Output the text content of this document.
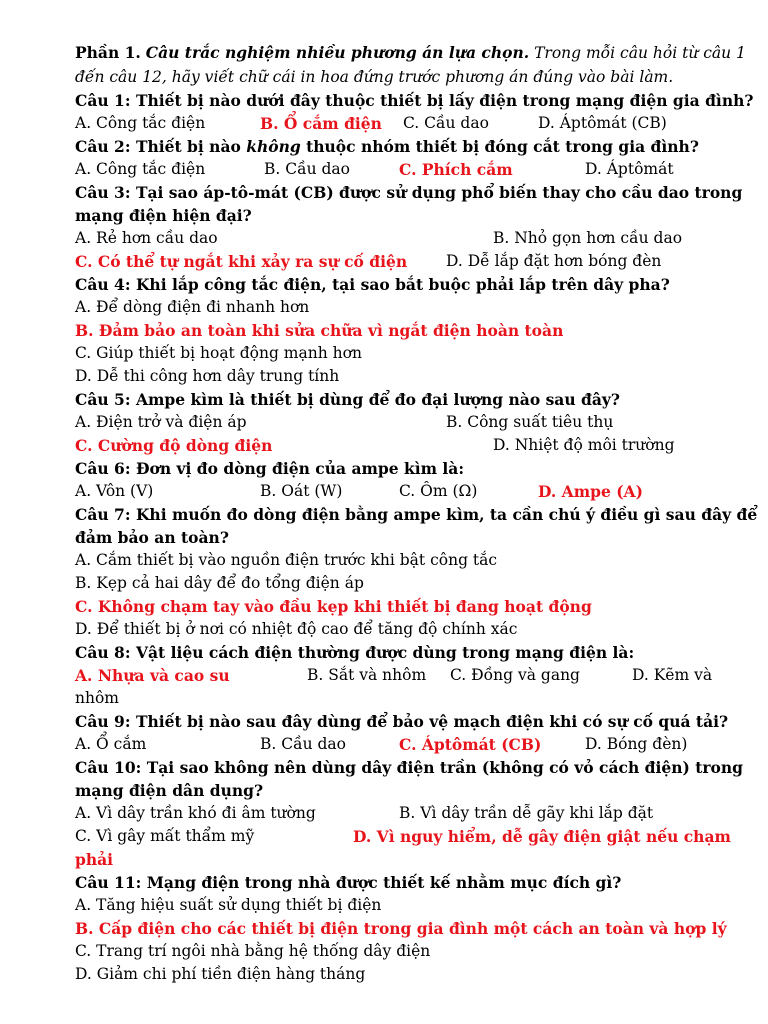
Phần 1. Câu trắc nghiệm nhiều phương án lựa chọn. Trong mỗi câu hỏi từ câu 1
đến câu 12, hãy viết chữ cái in hoa đứng trước phương án đúng vào bài làm.
Câu 1: Thiết bị nào dưới đây thuộc thiết bị lấy điện trong mạng điện gia đình?
A. Công tắc điện	B. Ổ cắm điện C. Cầu dao	D. Áptômát (CB)
Câu 2: Thiết bị nào không thuộc nhóm thiết bị đóng cắt trong gia đình?
A. Công tắc điện	B. Cầu dao	C. Phích cắm	D. Áptômát
Câu 3: Tại sao áp-tô-mát (CB) được sử dụng phổ biến thay cho cầu dao trong
mạng điện hiện đại?
A. Rẻ hơn cầu dao	B. Nhỏ gọn hơn cầu dao
C. Có thể tự ngắt khi xảy ra sự cố điện	D. Dễ lắp đặt hơn bóng đèn
Câu 4: Khi lắp công tắc điện, tại sao bắt buộc phải lắp trên dây pha?
A. Để dòng điện đi nhanh hơn
B. Đảm bảo an toàn khi sửa chữa vì ngắt điện hoàn toàn
C. Giúp thiết bị hoạt động mạnh hơn
D. Dễ thi công hơn dây trung tính
Câu 5: Ampe kìm là thiết bị dùng để đo đại lượng nào sau đây?
A. Điện trở và điện áp	B. Công suất tiêu thụ
C. Cường độ dòng điện	D. Nhiệt độ môi trường
Câu 6: Đơn vị đo dòng điện của ampe kìm là:
A. Vôn (V)	B. Oát (W)	C. Ôm (Ω)	D. Ampe (A)
Câu 7: Khi muốn đo dòng điện bằng ampe kìm, ta cần chú ý điều gì sau đây để
đảm bảo an toàn?
A. Cắm thiết bị vào nguồn điện trước khi bật công tắc
B. Kẹp cả hai dây để đo tổng điện áp
C. Không chạm tay vào đầu kẹp khi thiết bị đang hoạt động
D. Để thiết bị ở nơi có nhiệt độ cao để tăng độ chính xác
Câu 8: Vật liệu cách điện thường được dùng trong mạng điện là:
A. Nhựa và cao su	B. Sắt và nhôm C. Đồng và gang	D. Kẽm và
nhôm
Câu 9: Thiết bị nào sau đây dùng để bảo vệ mạch điện khi có sự cố quá tải?
A. Ổ cắm	B. Cầu dao	C. Áptômát (CB)	D. Bóng đèn)
Câu 10: Tại sao không nên dùng dây điện trần (không có vỏ cách điện) trong
mạng điện dân dụng?
A. Vì dây trần khó đi âm tường	B. Vì dây trần dễ gãy khi lắp đặt
C. Vì gây mất thẩm mỹ	D. Vì nguy hiểm, dễ gây điện giật nếu chạm
phải
Câu 11: Mạng điện trong nhà được thiết kế nhằm mục đích gì?
A. Tăng hiệu suất sử dụng thiết bị điện
B. Cấp điện cho các thiết bị điện trong gia đình một cách an toàn và hợp lý
C. Trang trí ngôi nhà bằng hệ thống dây điện
D. Giảm chi phí tiền điện hàng tháng
